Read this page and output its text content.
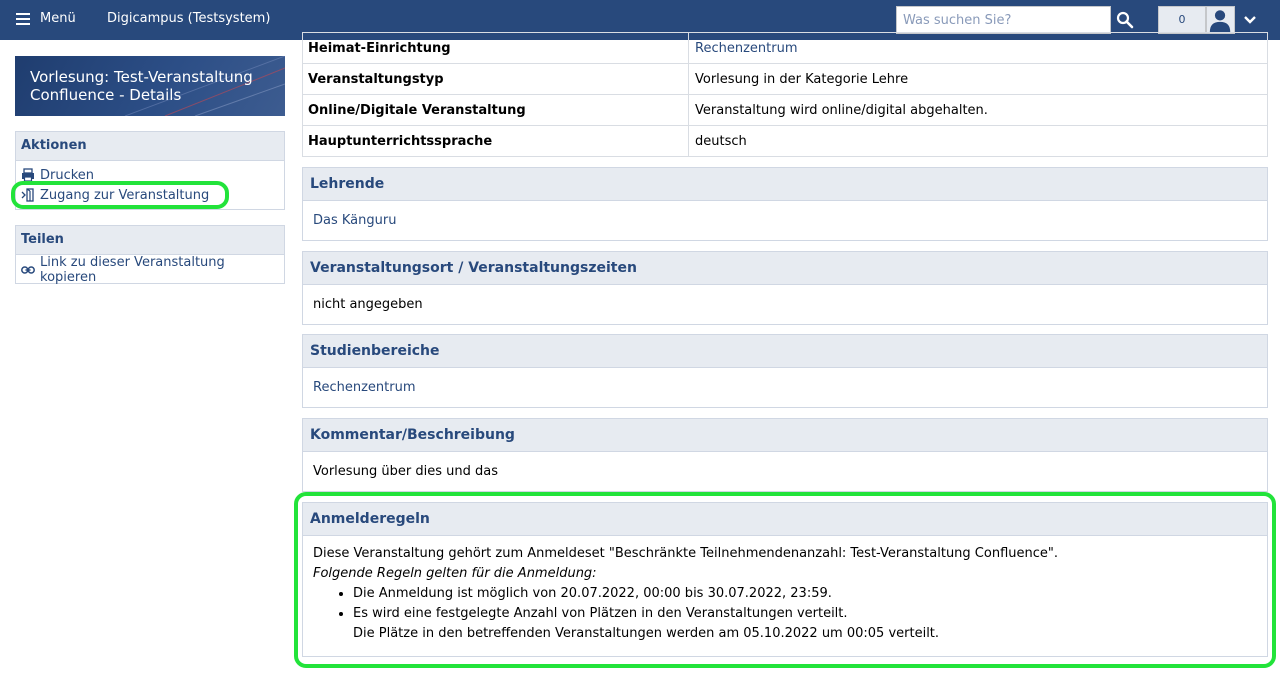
Menü Digicampus (Testsystem)
Was suchen Sie?	0
Vorlesung: Test-Veranstaltung Confluence - Details
Aktionen
Drucken
Zugang zur Veranstaltung
Teilen
Link zu dieser Veranstaltung kopieren
Heimat-Einrichtung	Rechenzentrum
Veranstaltungstyp	Vorlesung in der Kategorie Lehre
Online/Digitale Veranstaltung	Veranstaltung wird online/digital abgehalten.
Hauptunterrichtssprache	deutsch
Lehrende
Das Känguru
Veranstaltungsort / Veranstaltungszeiten
nicht angegeben
Studienbereiche
Rechenzentrum
Kommentar/Beschreibung
Vorlesung über dies und das
Anmelderegeln
Diese Veranstaltung gehört zum Anmeldeset "Beschränkte Teilnehmendenanzahl: Test-Veranstaltung Confluence".
Folgende Regeln gelten für die Anmeldung:
• Die Anmeldung ist möglich von 20.07.2022, 00:00 bis 30.07.2022, 23:59.
• Es wird eine festgelegte Anzahl von Plätzen in den Veranstaltungen verteilt.
Die Plätze in den betreffenden Veranstaltungen werden am 05.10.2022 um 00:05 verteilt.
